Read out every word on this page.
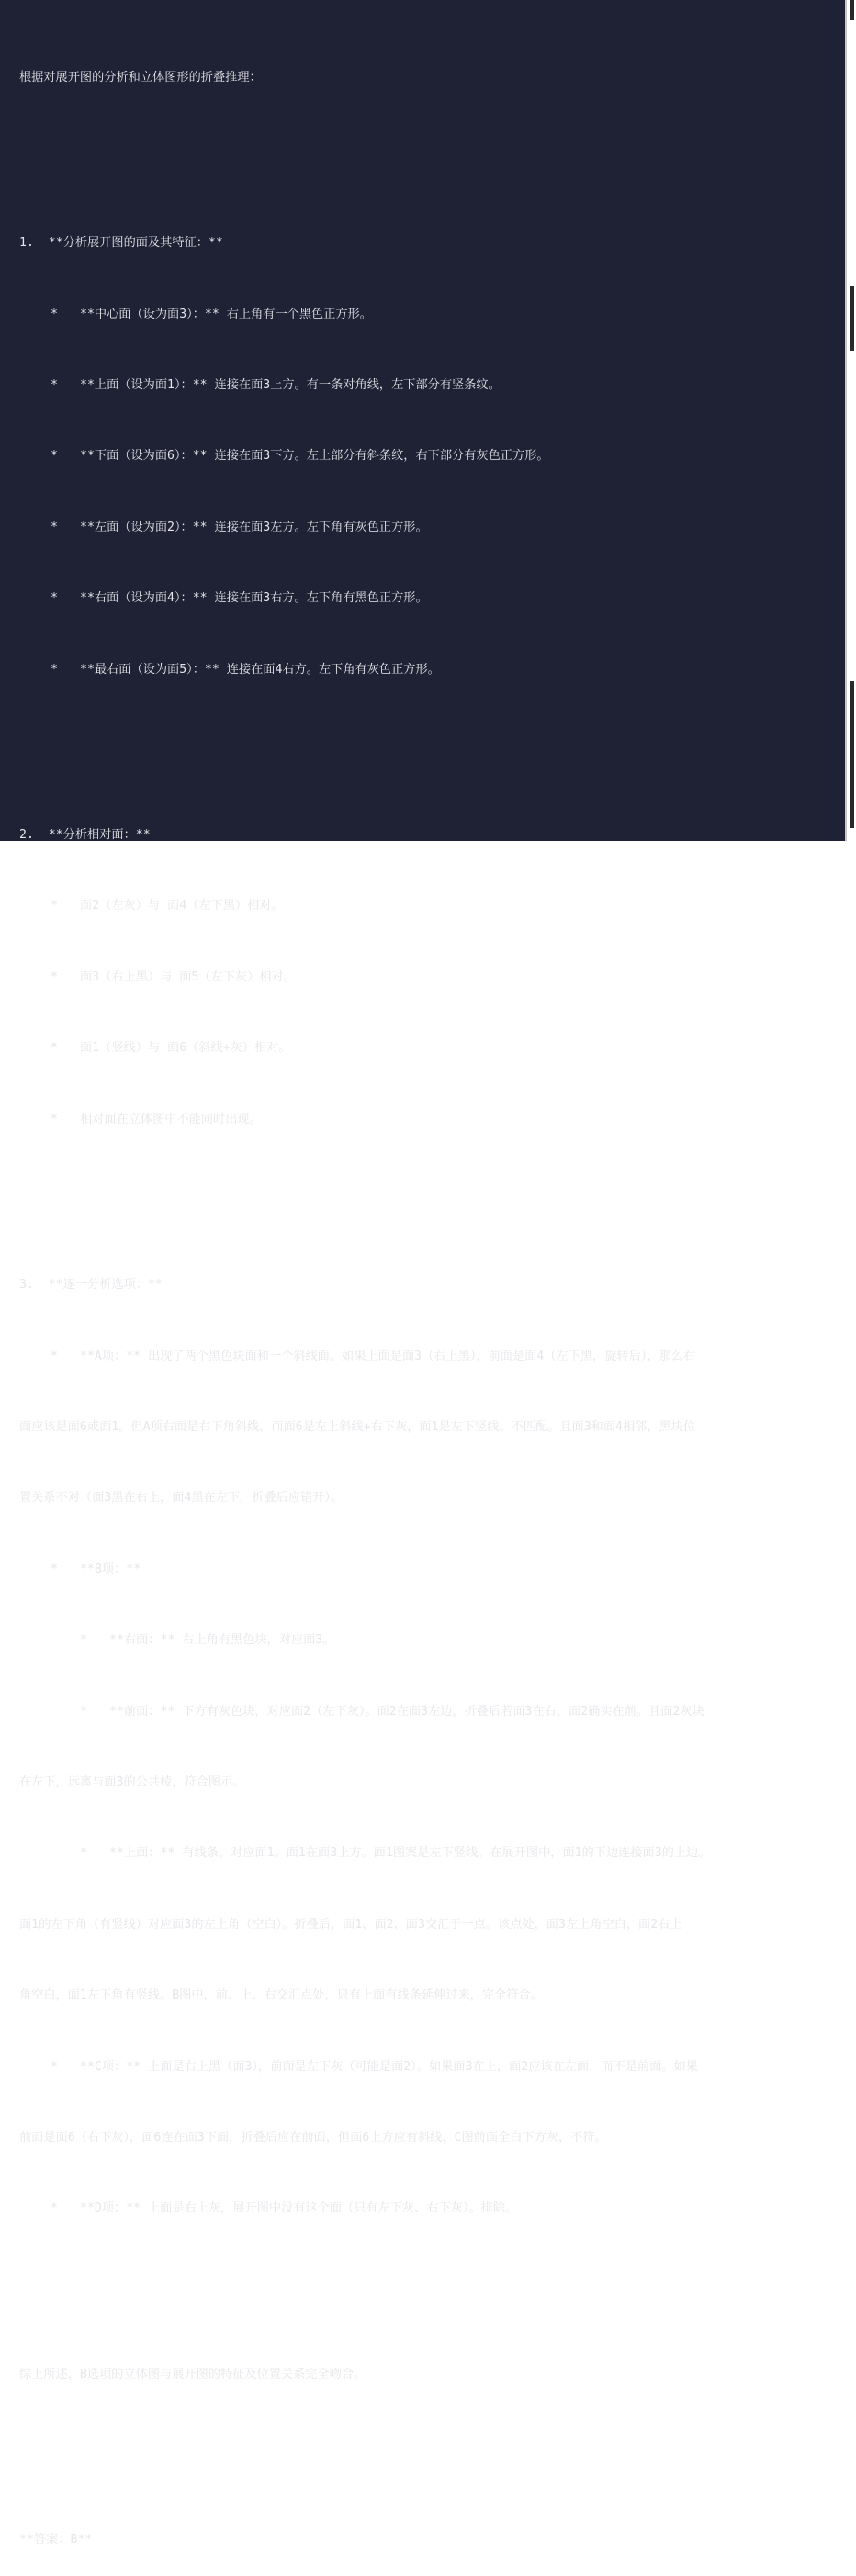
根据对展开图的分析和立体图形的折叠推理：

1.  **分析展开图的面及其特征：**

* **中心面（设为面3）：** 右上角有一个黑色正方形。

* **上面（设为面1）：** 连接在面3上方。有一条对角线，左下部分有竖条纹。

* **下面（设为面6）：** 连接在面3下方。左上部分有斜条纹，右下部分有灰色正方形。

* **左面（设为面2）：** 连接在面3左方。左下角有灰色正方形。

* **右面（设为面4）：** 连接在面3右方。左下角有黑色正方形。

* **最右面（设为面5）：** 连接在面4右方。左下角有灰色正方形。

2.  **分析相对面：**

* 面2（左灰）与 面4（左下黑）相对。

* 面3（右上黑）与 面5（左下灰）相对。

* 面1（竖线）与 面6（斜线+灰）相对。

* 相对面在立体图中不能同时出现。

3.  **逐一分析选项：**

* **A项：** 出现了两个黑色块面和一个斜线面。如果上面是面3（右上黑），前面是面4（左下黑，旋转后），那么右

面应该是面6或面1。但A项右面是右下角斜线，而面6是左上斜线+右下灰，面1是左下竖线。不匹配。且面3和面4相邻，黑块位

置关系不对（面3黑在右上，面4黑在左下，折叠后应错开）。

* **B项：**

* **右面：** 右上角有黑色块，对应面3。

* **前面：** 下方有灰色块，对应面2（左下灰）。面2在面3左边，折叠后若面3在右，面2确实在前。且面2灰块

在左下，远离与面3的公共棱，符合图示。

* **上面：** 有线条。对应面1。面1在面3上方。面1图案是左下竖线。在展开图中，面1的下边连接面3的上边。

面1的左下角（有竖线）对应面3的左上角（空白）。折叠后，面1、面2、面3交汇于一点。该点处，面3左上角空白，面2右上

角空白，面1左下角有竖线。B图中，前、上、右交汇点处，只有上面有线条延伸过来，完全符合。

* **C项：** 上面是右上黑（面3），前面是左下灰（可能是面2）。如果面3在上，面2应该在左面，而不是前面。如果

前面是面6（右下灰），面6连在面3下面，折叠后应在前面，但面6上方应有斜线，C图前面全白下方灰，不符。

* **D项：** 上面是右上灰，展开图中没有这个面（只有左下灰、右下灰）。排除。

综上所述，B选项的立体图与展开图的特征及位置关系完全吻合。

**答案：B**
